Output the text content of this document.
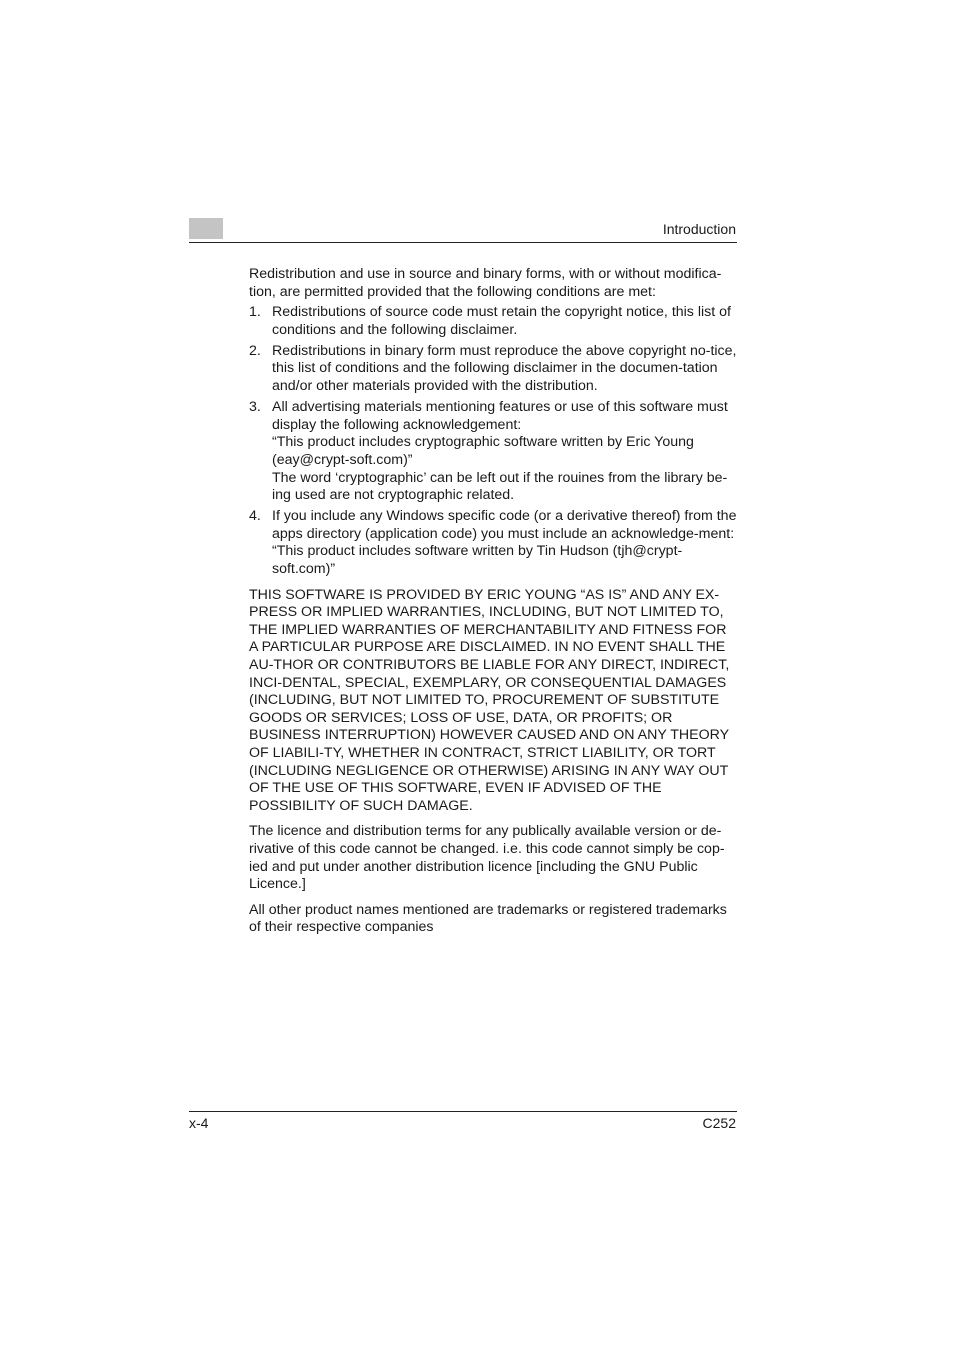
Introduction

Redistribution and use in source and binary forms, with or without modifica-tion, are permitted provided that the following conditions are met:

1. Redistributions of source code must retain the copyright notice, this list of conditions and the following disclaimer.
2. Redistributions in binary form must reproduce the above copyright no-tice, this list of conditions and the following disclaimer in the documen-tation and/or other materials provided with the distribution.
3. All advertising materials mentioning features or use of this software must display the following acknowledgement:
“This product includes cryptographic software written by Eric Young (eay@crypt-soft.com)”
The word ‘cryptographic’ can be left out if the rouines from the library be-ing used are not cryptographic related.
4. If you include any Windows specific code (or a derivative thereof) from the apps directory (application code) you must include an acknowledge-ment:
“This product includes software written by Tin Hudson (tjh@crypt-soft.com)”

THIS SOFTWARE IS PROVIDED BY ERIC YOUNG “AS IS” AND ANY EX-PRESS OR IMPLIED WARRANTIES, INCLUDING, BUT NOT LIMITED TO, THE IMPLIED WARRANTIES OF MERCHANTABILITY AND FITNESS FOR A PARTICULAR PURPOSE ARE DISCLAIMED. IN NO EVENT SHALL THE AU-THOR OR CONTRIBUTORS BE LIABLE FOR ANY DIRECT, INDIRECT, INCI-DENTAL, SPECIAL, EXEMPLARY, OR CONSEQUENTIAL DAMAGES (INCLUDING, BUT NOT LIMITED TO, PROCUREMENT OF SUBSTITUTE GOODS OR SERVICES; LOSS OF USE, DATA, OR PROFITS; OR BUSINESS INTERRUPTION) HOWEVER CAUSED AND ON ANY THEORY OF LIABILI-TY, WHETHER IN CONTRACT, STRICT LIABILITY, OR TORT (INCLUDING NEGLIGENCE OR OTHERWISE) ARISING IN ANY WAY OUT OF THE USE OF THIS SOFTWARE, EVEN IF ADVISED OF THE POSSIBILITY OF SUCH DAMAGE.

The licence and distribution terms for any publically available version or de-rivative of this code cannot be changed. i.e. this code cannot simply be cop-ied and put under another distribution licence [including the GNU Public Licence.]

All other product names mentioned are trademarks or registered trademarks of their respective companies

x-4	C252
